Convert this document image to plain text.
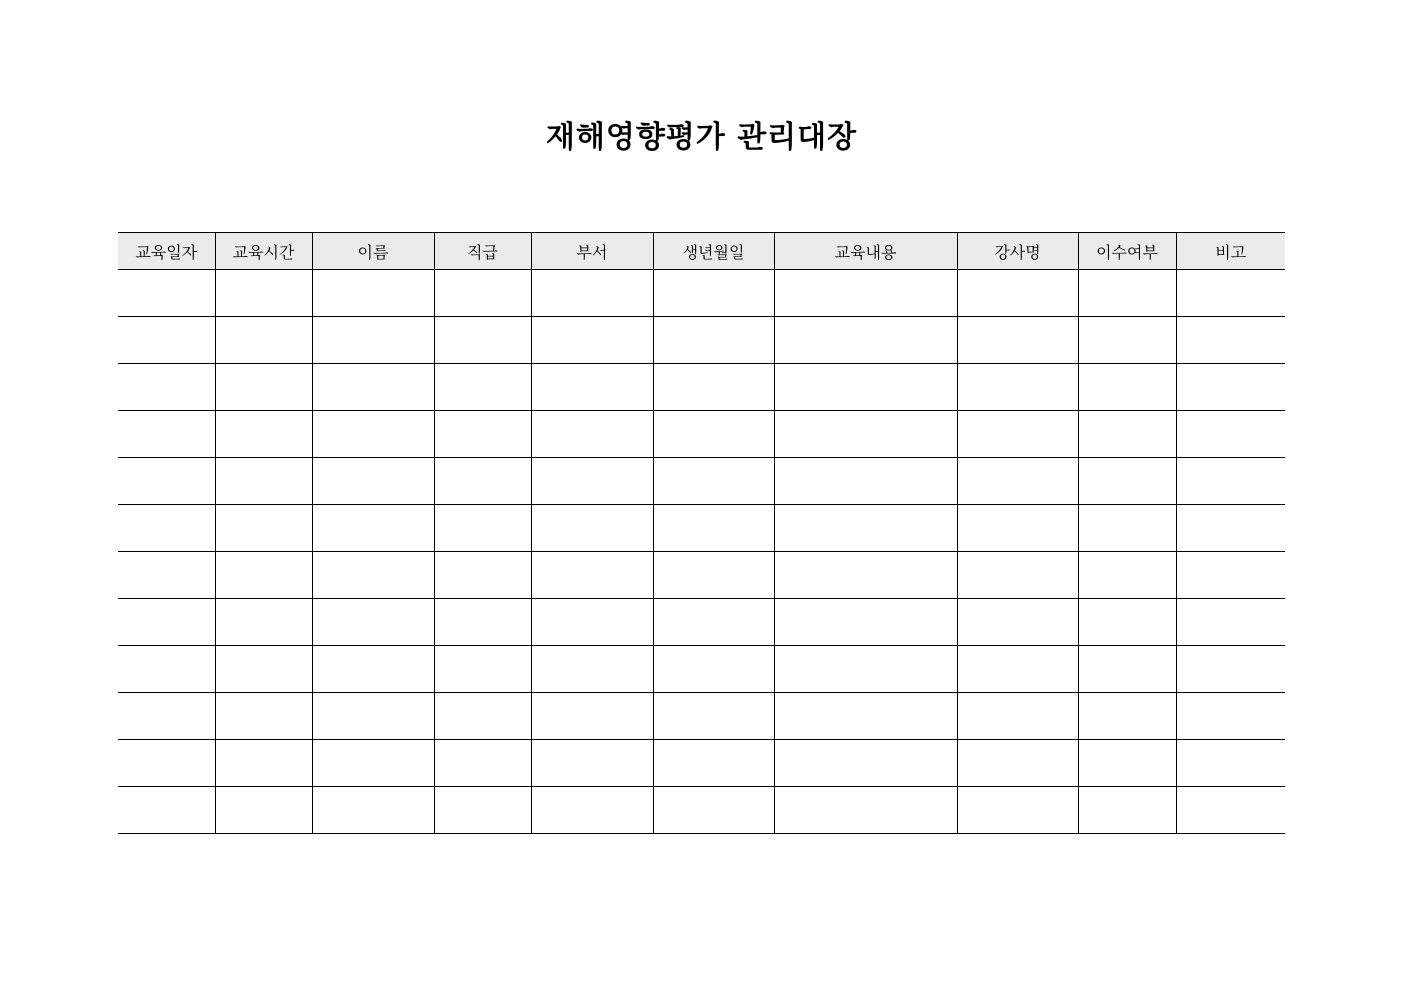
재해영향평가 관리대장
교육일자	교육시간	이름	직급	부서	생년월일	교육내용	강사명	이수여부	비고
